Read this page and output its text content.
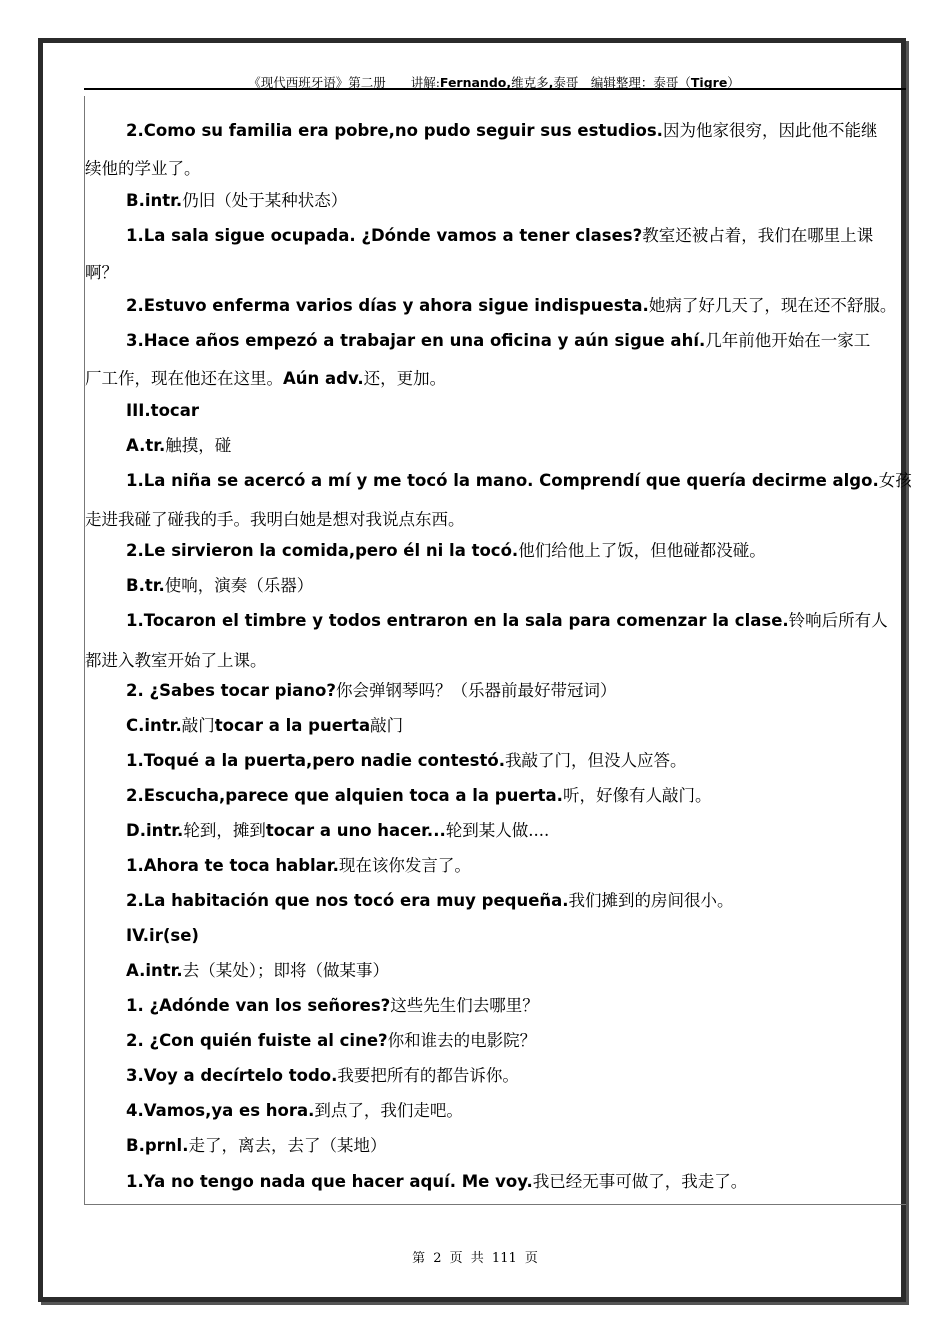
《现代西班牙语》第二册　　讲解:Fernando,维克多,泰哥　编辑整理：泰哥（Tigre）
2.Como su familia era pobre,no pudo seguir sus estudios.因为他家很穷，因此他不能继
续他的学业了。
B.intr.仍旧（处于某种状态）
1.La sala sigue ocupada. ¿Dónde vamos a tener clases?教室还被占着，我们在哪里上课
啊？
2.Estuvo enferma varios días y ahora sigue indispuesta.她病了好几天了，现在还不舒服。
3.Hace años empezó a trabajar en una oficina y aún sigue ahí.几年前他开始在一家工
厂工作，现在他还在这里。Aún adv.还，更加。
III.tocar
A.tr.触摸，碰
1.La niña se acercó a mí y me tocó la mano. Comprendí que quería decirme algo.女孩
走进我碰了碰我的手。我明白她是想对我说点东西。
2.Le sirvieron la comida,pero él ni la tocó.他们给他上了饭，但他碰都没碰。
B.tr.使响，演奏（乐器）
1.Tocaron el timbre y todos entraron en la sala para comenzar la clase.铃响后所有人
都进入教室开始了上课。
2. ¿Sabes tocar piano?你会弹钢琴吗？（乐器前最好带冠词）
C.intr.敲门tocar a la puerta敲门
1.Toqué a la puerta,pero nadie contestó.我敲了门，但没人应答。
2.Escucha,parece que alquien toca a la puerta.听，好像有人敲门。
D.intr.轮到，摊到tocar a uno hacer...轮到某人做....
1.Ahora te toca hablar.现在该你发言了。
2.La habitación que nos tocó era muy pequeña.我们摊到的房间很小。
IV.ir(se)
A.intr.去（某处）；即将（做某事）
1. ¿Adónde van los señores?这些先生们去哪里？
2. ¿Con quién fuiste al cine?你和谁去的电影院？
3.Voy a decírtelo todo.我要把所有的都告诉你。
4.Vamos,ya es hora.到点了，我们走吧。
B.prnl.走了，离去，去了（某地）
1.Ya no tengo nada que hacer aquí. Me voy.我已经无事可做了，我走了。
第 2 页 共 111 页
